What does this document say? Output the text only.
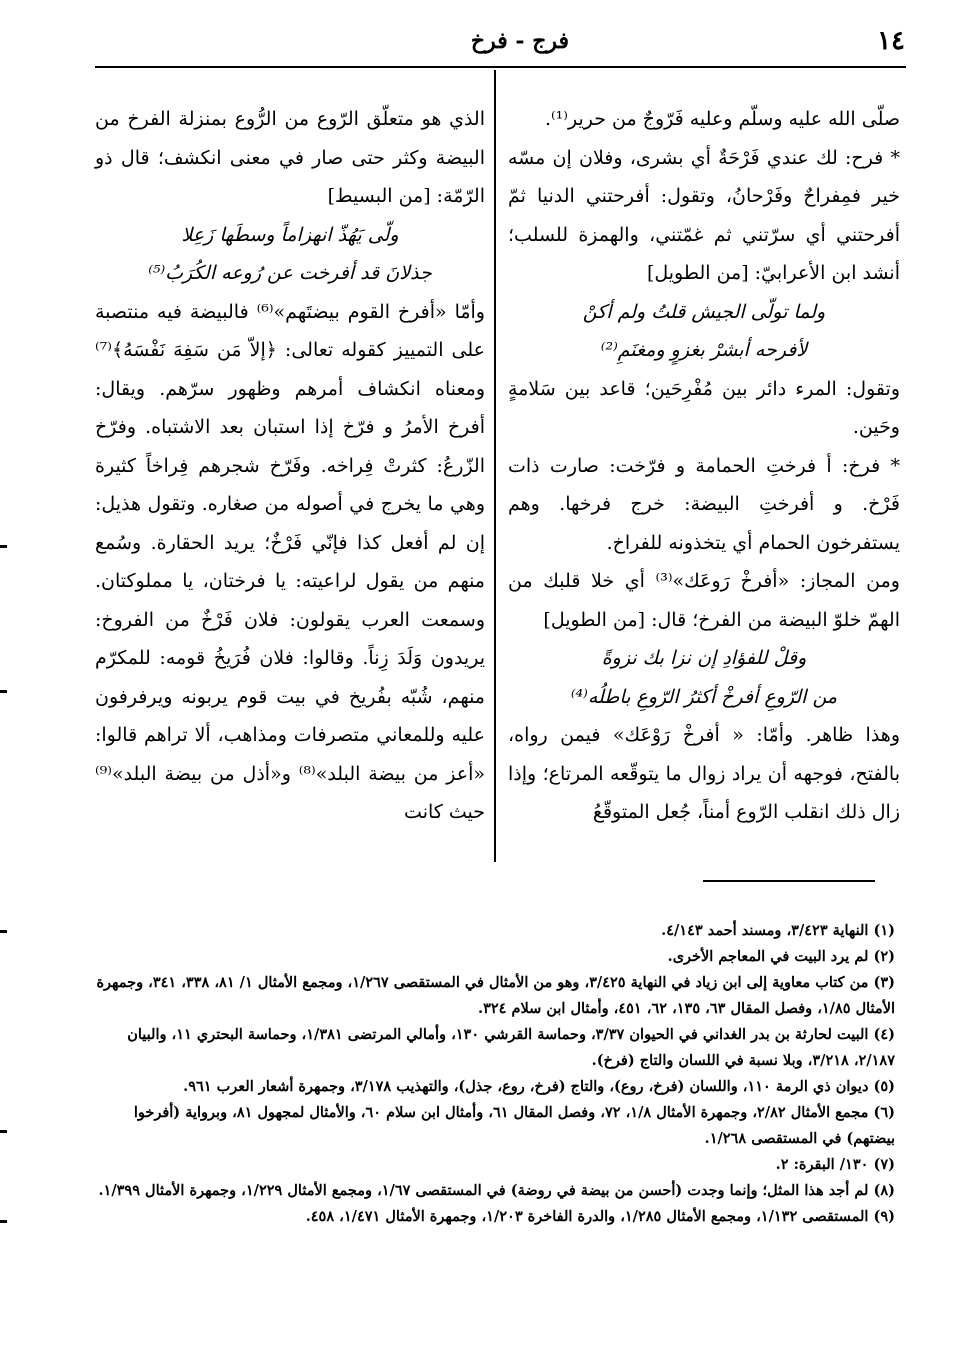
١٤
فرج - فرخ

صلّى الله عليه وسلّم وعليه فَرّوجٌ من حرير⁽¹⁾.

* فرح: لك عندي فَرْحَةٌ أي بشرى، وفلان إن مسّه خير فمِفراحٌ وفَرْحانُ، وتقول: أفرحتني الدنيا ثمّ أفرحتني أي سرّتني ثم غمّتني، والهمزة للسلب؛ أنشد ابن الأعرابيّ: [من الطويل]

ولما تولّى الجيش قلتُ ولم أكنْ

لأفرحه أبشرْ بغزوٍ ومغنَمِ⁽²⁾

وتقول: المرء دائر بين مُفْرِحَين؛ قاعد بين سَلامةٍ وحَين.

* فرخ: أ فرختِ الحمامة و فرّخت: صارت ذات فَرْخ. و أفرختِ البيضة: خرج فرخها. وهم يستفرخون الحمام أي يتخذونه للفراخ.

ومن المجاز: «أفرخْ رَوعَك»⁽³⁾ أي خلا قلبك من الهمّ خلوّ البيضة من الفرخ؛ قال: [من الطويل]

وقلْ للفؤادِ إن نزا بك نزوةً

من الرّوعِ أفرخْ أكثرُ الرّوعِ باطلُه⁽⁴⁾

وهذا ظاهر. وأمّا: « أفرخْ رَوْعَك» فيمن رواه، بالفتح، فوجهه أن يراد زوال ما يتوقّعه المرتاع؛ وإذا زال ذلك انقلب الرّوع أمناً، جُعل المتوقّعُ

الذي هو متعلّق الرّوع من الرُّوع بمنزلة الفرخ من البيضة وكثر حتى صار في معنى انكشف؛ قال ذو الرّمّة: [من البسيط]

ولّى يَهُذّ انهزاماً وسطَها زَعِلا

جذلانَ قد أفرخت عن رُوعه الكُرَبُ⁽⁵⁾

وأمّا «أفرخ القوم بيضتَهم»⁽⁶⁾ فالبيضة فيه منتصبة على التمييز كقوله تعالى: ﴿إلاّ مَن سَفِهَ نَفْسَهُ﴾⁽⁷⁾ ومعناه انكشاف أمرهم وظهور سرّهم. ويقال: أفرخ الأمرُ و فرّخ إذا استبان بعد الاشتباه. وفرّخ الزّرعُ: كثرتْ فِراخه. وفَرّخ شجرهم فِراخاً كثيرة وهي ما يخرج في أصوله من صغاره. وتقول هذيل: إن لم أفعل كذا فإنّي فَرْخٌ؛ يريد الحقارة. وسُمع منهم من يقول لراعيته: يا فرختان، يا مملوكتان. وسمعت العرب يقولون: فلان فَرْخٌ من الفروخ: يريدون وَلَدَ زِناً. وقالوا: فلان فُرَيخُ قومه: للمكرّم منهم، شُبّه بفُريخ في بيت قوم يربونه ويرفرفون عليه وللمعاني متصرفات ومذاهب، ألا تراهم قالوا: «أعز من بيضة البلد»⁽⁸⁾ و«أذل من بيضة البلد»⁽⁹⁾ حيث كانت

(١) النهاية ٣/٤٢٣، ومسند أحمد ٤/١٤٣.

(٢) لم يرد البيت في المعاجم الأخرى.

(٣) من كتاب معاوية إلى ابن زياد في النهاية ٣/٤٢٥، وهو من الأمثال في المستقصى ١/٢٦٧، ومجمع الأمثال ١/ ٨١، ٣٣٨، ٣٤١، وجمهرة الأمثال ١/٨٥، وفصل المقال ٦٣، ١٣٥، ٦٢، ٤٥١، وأمثال ابن سلام ٣٢٤.

(٤) البيت لحارثة بن بدر الغداني في الحيوان ٣/٣٧، وحماسة القرشي ١٣٠، وأمالي المرتضى ١/٣٨١، وحماسة البحتري ١١، والبيان ٢/١٨٧، ٣/٢١٨، وبلا نسبة في اللسان والتاج (فرخ).

(٥) ديوان ذي الرمة ١١٠، واللسان (فرخ، روع)، والتاج (فرخ، روع، جذل)، والتهذيب ٣/١٧٨، وجمهرة أشعار العرب ٩٦١.

(٦) مجمع الأمثال ٢/٨٢، وجمهرة الأمثال ١/٨، ٧٢، وفصل المقال ٦١، وأمثال ابن سلام ٦٠، والأمثال لمجهول ٨١، وبرواية (أفرخوا بيضتهم) في المستقصى ١/٢٦٨.

(٧) ١٣٠/ البقرة: ٢.

(٨) لم أجد هذا المثل؛ وإنما وجدت (أحسن من بيضة في روضة) في المستقصى ١/٦٧، ومجمع الأمثال ١/٢٢٩، وجمهرة الأمثال ١/٣٩٩.

(٩) المستقصى ١/١٣٢، ومجمع الأمثال ١/٢٨٥، والدرة الفاخرة ١/٢٠٣، وجمهرة الأمثال ١/٤٧١، ٤٥٨.
